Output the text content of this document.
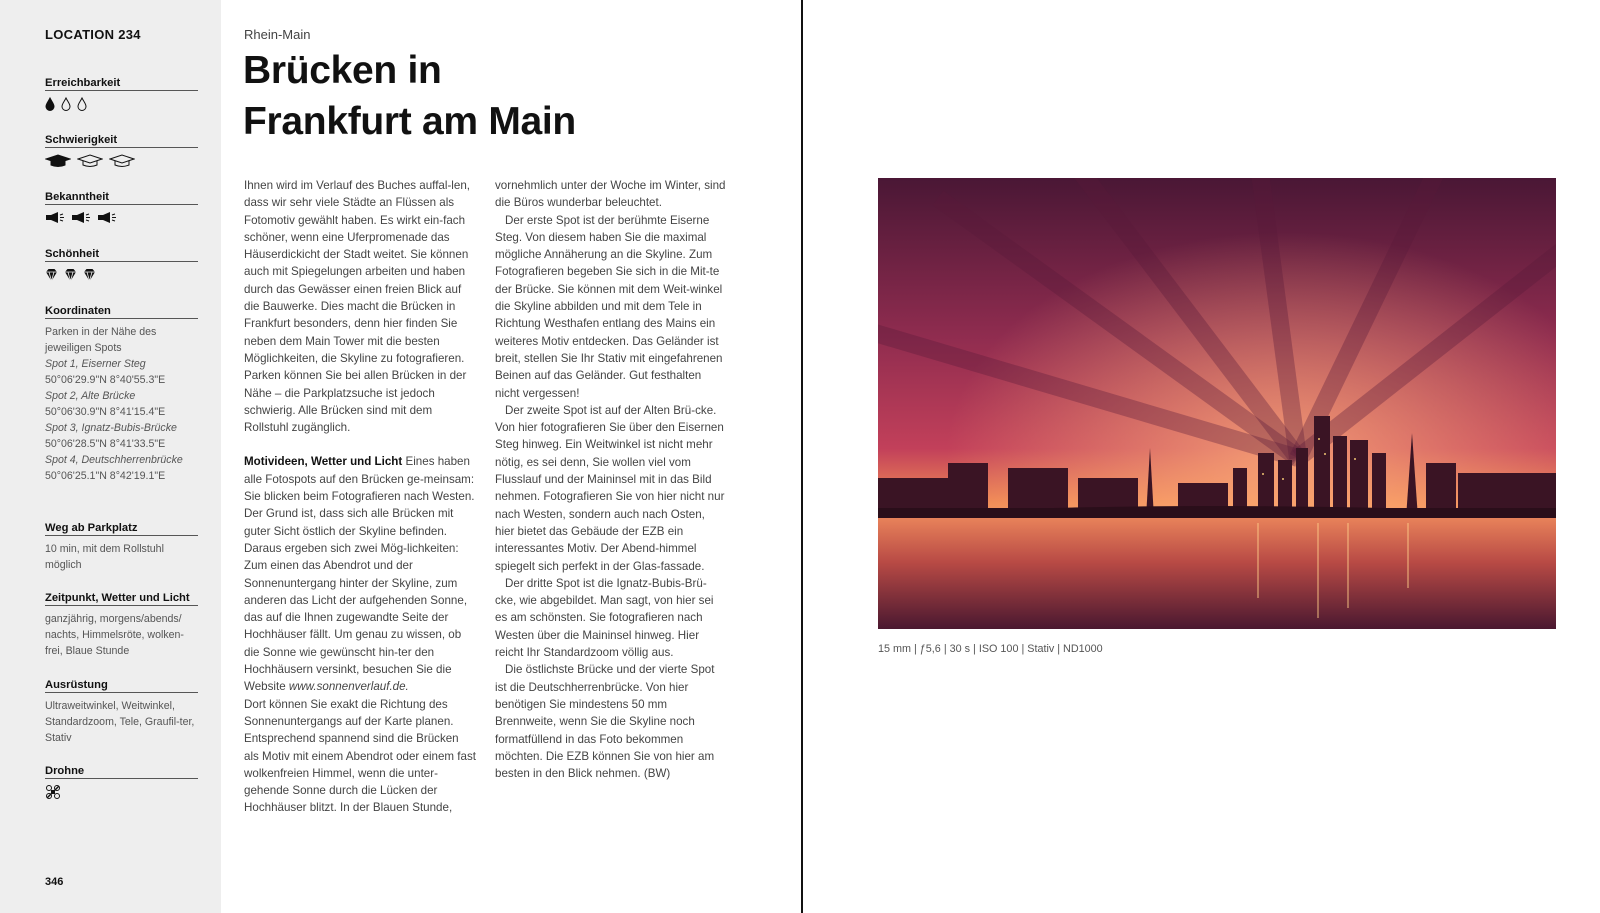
LOCATION 234
Erreichbarkeit
Schwierigkeit
Bekanntheit
Schönheit
Koordinaten
Parken in der Nähe des jeweiligen Spots
Spot 1, Eiserner Steg
50°06'29.9"N 8°40'55.3"E
Spot 2, Alte Brücke
50°06'30.9"N 8°41'15.4"E
Spot 3, Ignatz-Bubis-Brücke
50°06'28.5"N 8°41'33.5"E
Spot 4, Deutschherrenbrücke
50°06'25.1"N 8°42'19.1"E
Weg ab Parkplatz
10 min, mit dem Rollstuhl möglich
Zeitpunkt, Wetter und Licht
ganzjährig, morgens/abends/ nachts, Himmelsröte, wolken-frei, Blaue Stunde
Ausrüstung
Ultraweitwinkel, Weitwinkel, Standardzoom, Tele, Graufil-ter, Stativ
Drohne
346
Rhein-Main
Brücken in
Frankfurt am Main

Ihnen wird im Verlauf des Buches auffal-len, dass wir sehr viele Städte an Flüssen als Fotomotiv gewählt haben. Es wirkt ein-fach schöner, wenn eine Uferpromenade das Häuserdickicht der Stadt weitet. Sie können auch mit Spiegelungen arbeiten und haben durch das Gewässer einen freien Blick auf die Bauwerke. Dies macht die Brücken in Frankfurt besonders, denn hier finden Sie neben dem Main Tower mit die besten Möglichkeiten, die Skyline zu fotografieren. Parken können Sie bei allen Brücken in der Nähe – die Parkplatzsuche ist jedoch schwierig. Alle Brücken sind mit dem Rollstuhl zugänglich.

Motivideen, Wetter und Licht Eines haben alle Fotospots auf den Brücken ge-meinsam: Sie blicken beim Fotografieren nach Westen. Der Grund ist, dass sich alle Brücken mit guter Sicht östlich der Skyline befinden. Daraus ergeben sich zwei Mög-lichkeiten: Zum einen das Abendrot und der Sonnenuntergang hinter der Skyline, zum anderen das Licht der aufgehenden Sonne, das auf die Ihnen zugewandte Seite der Hochhäuser fällt. Um genau zu wissen, ob die Sonne wie gewünscht hin-ter den Hochhäusern versinkt, besuchen Sie die Website www.sonnenverlauf.de.

Dort können Sie exakt die Richtung des Sonnenuntergangs auf der Karte planen. Entsprechend spannend sind die Brücken als Motiv mit einem Abendrot oder einem fast wolkenfreien Himmel, wenn die unter-gehende Sonne durch die Lücken der Hochhäuser blitzt. In der Blauen Stunde,

vornehmlich unter der Woche im Winter, sind die Büros wunderbar beleuchtet.

Der erste Spot ist der berühmte Eiserne Steg. Von diesem haben Sie die maximal mögliche Annäherung an die Skyline. Zum Fotografieren begeben Sie sich in die Mit-te der Brücke. Sie können mit dem Weit-winkel die Skyline abbilden und mit dem Tele in Richtung Westhafen entlang des Mains ein weiteres Motiv entdecken. Das Geländer ist breit, stellen Sie Ihr Stativ mit eingefahrenen Beinen auf das Geländer. Gut festhalten nicht vergessen!

Der zweite Spot ist auf der Alten Brü-cke. Von hier fotografieren Sie über den Eisernen Steg hinweg. Ein Weitwinkel ist nicht mehr nötig, es sei denn, Sie wollen viel vom Flusslauf und der Maininsel mit in das Bild nehmen. Fotografieren Sie von hier nicht nur nach Westen, sondern auch nach Osten, hier bietet das Gebäude der EZB ein interessantes Motiv. Der Abend-himmel spiegelt sich perfekt in der Glas-fassade.

Der dritte Spot ist die Ignatz-Bubis-Brü-cke, wie abgebildet. Man sagt, von hier sei es am schönsten. Sie fotografieren nach Westen über die Maininsel hinweg. Hier reicht Ihr Standardzoom völlig aus.

Die östlichste Brücke und der vierte Spot ist die Deutschherrenbrücke. Von hier benötigen Sie mindestens 50 mm Brennweite, wenn Sie die Skyline noch formatfüllend in das Foto bekommen möchten. Die EZB können Sie von hier am besten in den Blick nehmen. (BW)

15 mm | ƒ5,6 | 30 s | ISO 100 | Stativ | ND1000
